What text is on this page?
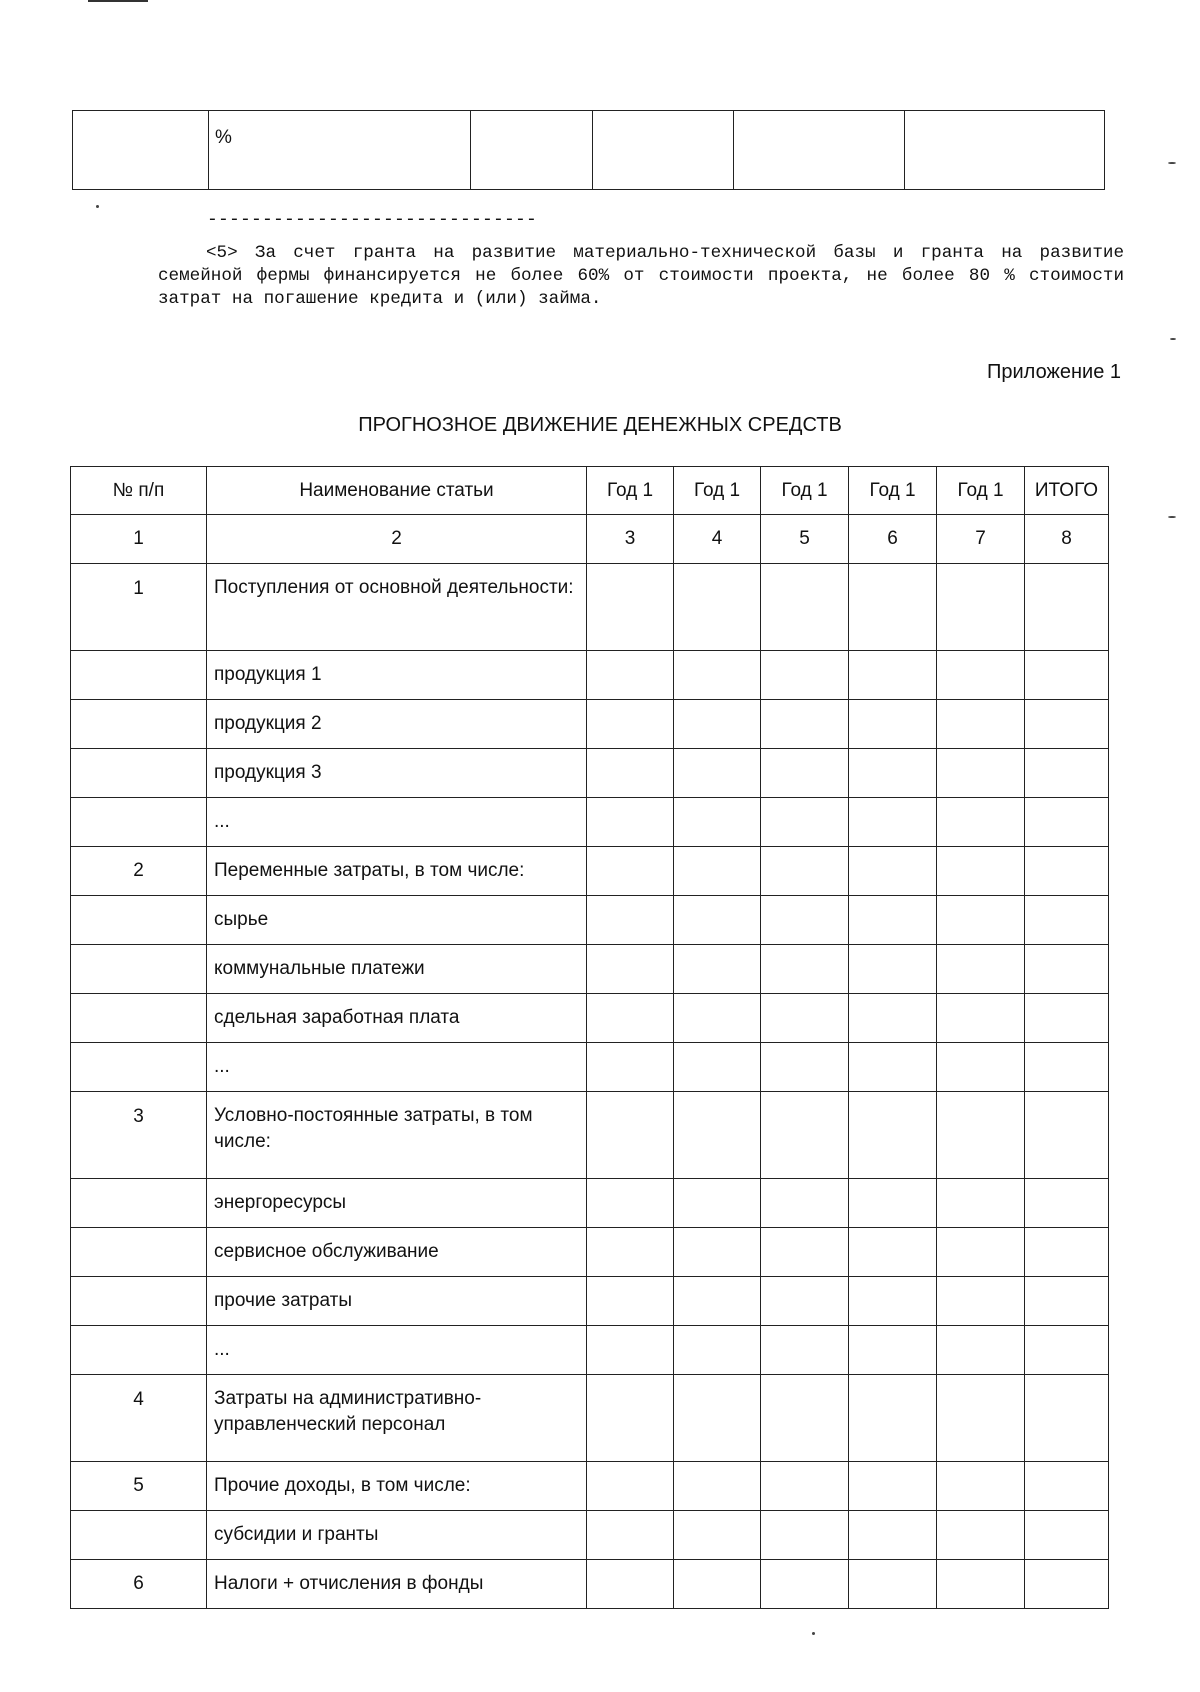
%

------------------------------

<5> За счет гранта на развитие материально-технической базы и гранта на развитие семейной фермы финансируется не более 60% от стоимости проекта, не более 80 % стоимости затрат на погашение кредита и (или) займа.

Приложение 1
ПРОГНОЗНОЕ ДВИЖЕНИЕ ДЕНЕЖНЫХ СРЕДСТВ
№ п/п	Наименование статьи	Год 1	Год 1	Год 1	Год 1	Год 1	ИТОГО
1	2	3	4	5	6	7	8
1	Поступления от основной деятельности:						
	продукция 1						
	продукция 2						
	продукция 3						
	...						
2	Переменные затраты, в том числе:						
	сырье						
	коммунальные платежи						
	сдельная заработная плата						
	...						
3	Условно-постоянные затраты, в том числе:						
	энергоресурсы						
	сервисное обслуживание						
	прочие затраты						
	...						
4	Затраты на административно-управленческий персонал						
5	Прочие доходы, в том числе:						
	субсидии и гранты						
6	Налоги + отчисления в фонды						
